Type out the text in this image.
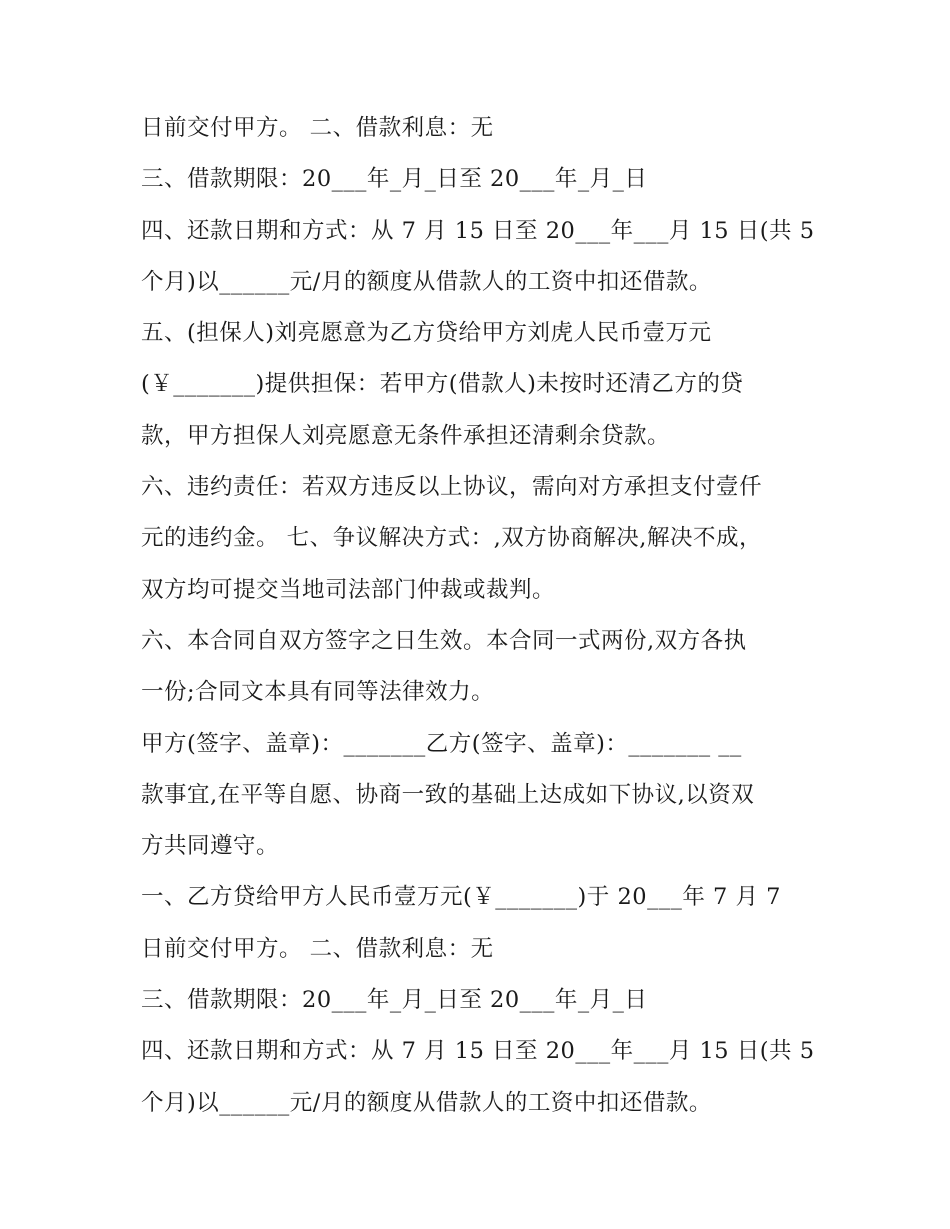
日前交付甲方。 二、借款利息：无
三、借款期限：20___年_月_日至 20___年_月_日
四、还款日期和方式：从 7 月 15 日至 20___年___月 15 日(共 5
个月)以______元/月的额度从借款人的工资中扣还借款。
五、(担保人)刘亮愿意为乙方贷给甲方刘虎人民币壹万元
(￥_______)提供担保：若甲方(借款人)未按时还清乙方的贷
款，甲方担保人刘亮愿意无条件承担还清剩余贷款。
六、违约责任：若双方违反以上协议，需向对方承担支付壹仟
元的违约金。 七、争议解决方式：,双方协商解决,解决不成，
双方均可提交当地司法部门仲裁或裁判。
六、本合同自双方签字之日生效。本合同一式两份,双方各执
一份;合同文本具有同等法律效力。
甲方(签字、盖章)：_______乙方(签字、盖章)：_______ __
款事宜,在平等自愿、协商一致的基础上达成如下协议,以资双
方共同遵守。
一、乙方贷给甲方人民币壹万元(￥_______)于 20___年 7 月 7
日前交付甲方。 二、借款利息：无
三、借款期限：20___年_月_日至 20___年_月_日
四、还款日期和方式：从 7 月 15 日至 20___年___月 15 日(共 5
个月)以______元/月的额度从借款人的工资中扣还借款。
